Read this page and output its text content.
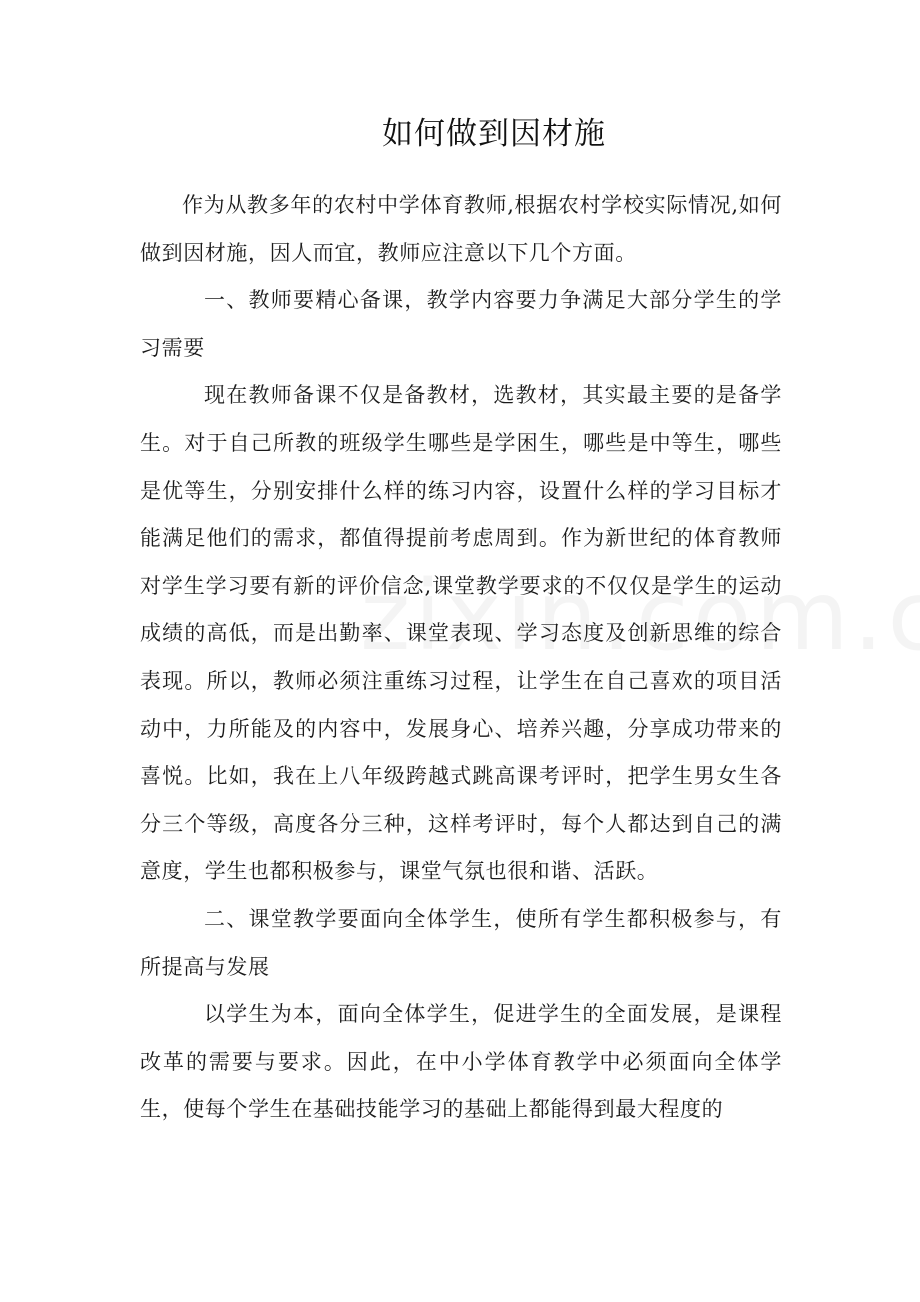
如何做到因材施

作为从教多年的农村中学体育教师,根据农村学校实际情况,如何做到因材施，因人而宜，教师应注意以下几个方面。

一、教师要精心备课，教学内容要力争满足大部分学生的学习需要

现在教师备课不仅是备教材，选教材，其实最主要的是备学生。对于自己所教的班级学生哪些是学困生，哪些是中等生，哪些是优等生，分别安排什么样的练习内容，设置什么样的学习目标才能满足他们的需求，都值得提前考虑周到。作为新世纪的体育教师对学生学习要有新的评价信念,课堂教学要求的不仅仅是学生的运动成绩的高低，而是出勤率、课堂表现、学习态度及创新思维的综合表现。所以，教师必须注重练习过程，让学生在自己喜欢的项目活动中，力所能及的内容中，发展身心、培养兴趣，分享成功带来的喜悦。比如，我在上八年级跨越式跳高课考评时，把学生男女生各分三个等级，高度各分三种，这样考评时，每个人都达到自己的满意度，学生也都积极参与，课堂气氛也很和谐、活跃。

二、课堂教学要面向全体学生，使所有学生都积极参与，有所提高与发展

以学生为本，面向全体学生，促进学生的全面发展，是课程改革的需要与要求。因此，在中小学体育教学中必须面向全体学生，使每个学生在基础技能学习的基础上都能得到最大程度的
